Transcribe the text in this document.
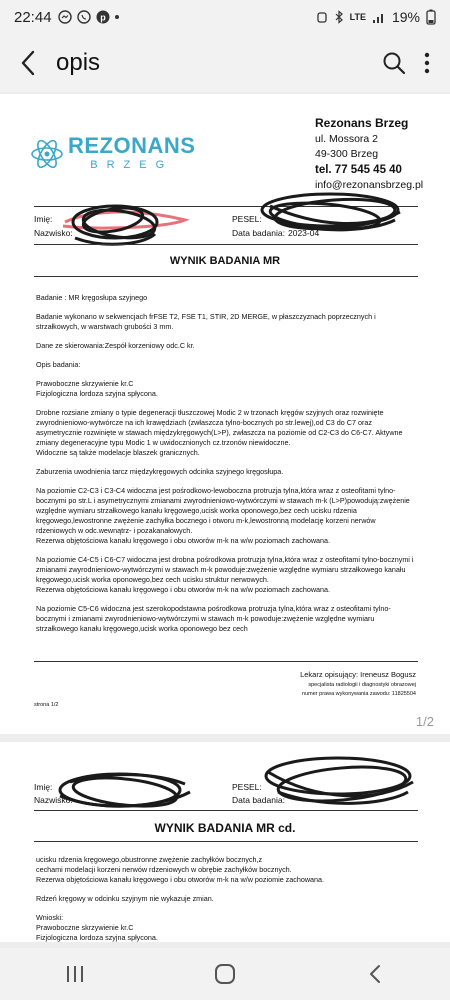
22:44	p	LTE 19%
opis
REZONANS
BRZEG
Rezonans Brzeg
ul. Mossora 2
49-300 Brzeg
tel. 77 545 45 40
info@rezonansbrzeg.pl
Imię:
Nazwisko:
PESEL:
Data badania: 2023-04
WYNIK BADANIA MR

Badanie : MR kręgosłupa szyjnego

Badanie wykonano w sekwencjach frFSE T2, FSE T1, STIR, 2D MERGE, w płaszczyznach poprzecznych i strzałkowych, w warstwach grubości 3 mm.

Dane ze skierowania:Zespół korzeniowy odc.C kr.

Opis badania:

Prawoboczne skrzywienie kr.C
Fizjologiczna lordoza szyjna spłycona.

Drobne rozsiane zmiany o typie degeneracji tłuszczowej Modic 2 w trzonach kręgów szyjnych oraz rozwinięte zwyrodnieniowo-wytwórcze na ich krawędziach (zwłaszcza tylno-bocznych po str.lewej),od C3 do C7 oraz asymetrycznie rozwinięte w stawach międzykręgowych(L>P), zwłaszcza na poziomie od C2-C3 do C6-C7. Aktywne zmiany degeneracyjne typu Modic 1 w uwidocznionych cz.trzonów niewidoczne.
Widoczne są także modelacje blaszek granicznych.

Zaburzenia uwodnienia tarcz międzykręgowych odcinka szyjnego kręgosłupa.

Na poziomie C2-C3 i C3-C4 widoczna jest pośrodkowo-lewoboczna protruzja tylna,która wraz z osteofitami tylno-bocznymi po str.L i asymetrycznymi zmianami zwyrodnieniowo-wytwórczymi w stawach m-k (L>P)powodują:zwężenie względne wymiaru strzałkowego kanału kręgowego,ucisk worka oponowego,bez cech ucisku rdzenia kręgowego,lewostronne zwężenie zachyłka bocznego i otworu m-k,lewostronną modelację korzeni nerwów rdzeniowych w odc.wewnątrz- i pozakanałowych.
Rezerwa objętościowa kanału kręgowego i obu otworów m-k na w/w poziomach zachowana.

Na poziomie C4-C5 i C6-C7 widoczna jest drobna pośrodkowa protruzja tylna,która wraz z osteofitami tylno-bocznymi i zmianami zwyrodnieniowo-wytwórczymi w stawach m-k powoduje:zwężenie względne wymiaru strzałkowego kanału kręgowego,ucisk worka oponowego,bez cech ucisku struktur nerwowych.
Rezerwa objętościowa kanału kręgowego i obu otworów m-k na w/w poziomach zachowana.

Na poziomie C5-C6 widoczna jest szerokopodstawna pośrodkowa protruzja tylna,która wraz z osteofitami tylno-bocznymi i zmianami zwyrodnieniowo-wytwórczymi w stawach m-k powoduje:zwężenie względne wymiaru strzałkowego kanału kręgowego,ucisk worka oponowego bez cech

Lekarz opisujący: Ireneusz Bogusz
specjalista radiologii i diagnostyki obrazowej
numer prawa wykonywania zawodu: 11825504
strona 1/2
1/2
Imię:
Nazwisko:
PESEL:
Data badania:
WYNIK BADANIA MR cd.

ucisku rdzenia kręgowego,obustronne zwężenie zachyłków bocznych,z
cechami modelacji korzeni nerwów rdzeniowych w obrębie zachyłków bocznych.
Rezerwa objętościowa kanału kręgowego i obu otworów m-k na w/w poziomie zachowana.

Rdzeń kręgowy w odcinku szyjnym nie wykazuje zmian.

Wnioski:
Prawoboczne skrzywienie kr.C
Fizjologiczna lordoza szyjna spłycona.
